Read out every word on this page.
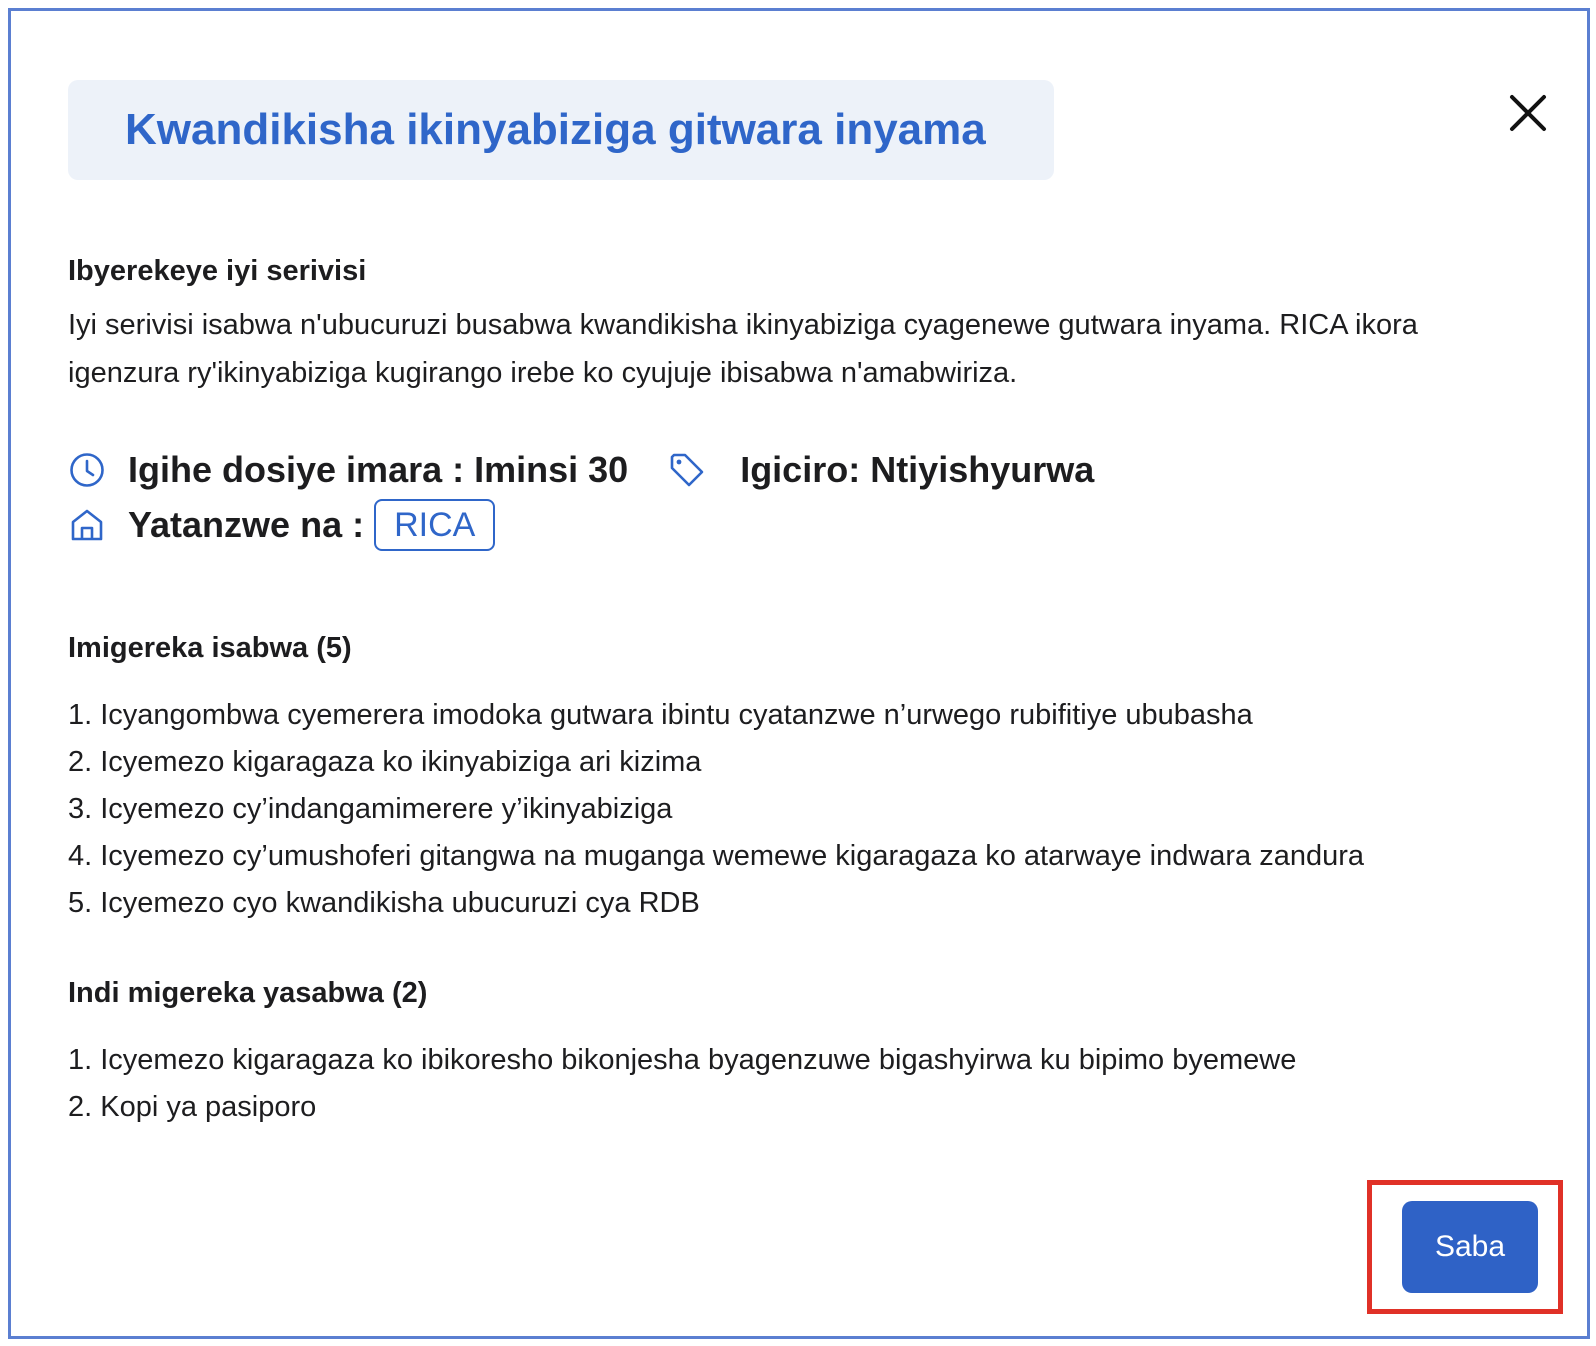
Kwandikisha ikinyabiziga gitwara inyama
Ibyerekeye iyi serivisi
Iyi serivisi isabwa n'ubucuruzi busabwa kwandikisha ikinyabiziga cyagenewe gutwara inyama. RICA ikora igenzura ry'ikinyabiziga kugirango irebe ko cyujuje ibisabwa n'amabwiriza.
Igihe dosiye imara : Iminsi 30	Igiciro: Ntiyishyurwa
Yatanzwe na : RICA
Imigereka isabwa (5)
1. Icyangombwa cyemerera imodoka gutwara ibintu cyatanzwe n’urwego rubifitiye ububasha
2. Icyemezo kigaragaza ko ikinyabiziga ari kizima
3. Icyemezo cy’indangamimerere y’ikinyabiziga
4. Icyemezo cy’umushoferi gitangwa na muganga wemewe kigaragaza ko atarwaye indwara zandura
5. Icyemezo cyo kwandikisha ubucuruzi cya RDB
Indi migereka yasabwa (2)
1. Icyemezo kigaragaza ko ibikoresho bikonjesha byagenzuwe bigashyirwa ku bipimo byemewe
2. Kopi ya pasiporo
Saba
